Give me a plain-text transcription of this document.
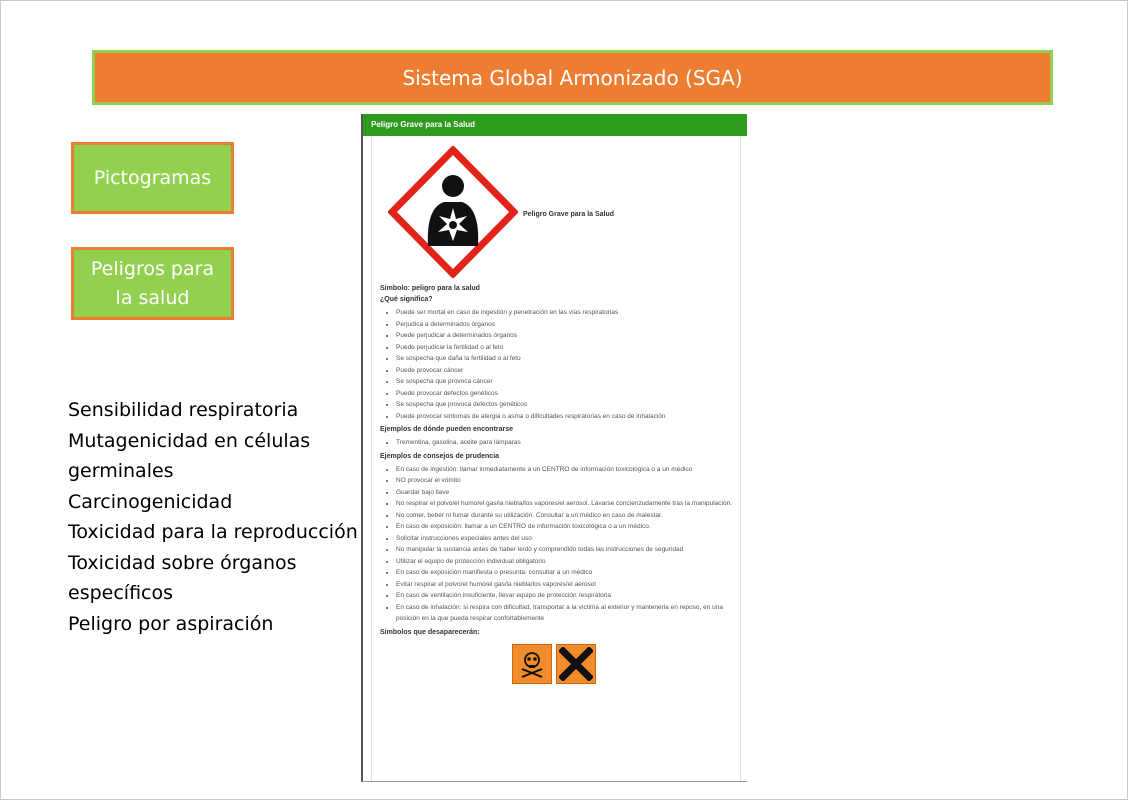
Sistema Global Armonizado (SGA)
Pictogramas
Peligros para
la salud
Sensibilidad respiratoria
Mutagenicidad en células germinales
Carcinogenicidad
Toxicidad para la reproducción
Toxicidad sobre órganos específicos
Peligro por aspiración
Peligro Grave para la Salud
Peligro Grave para la Salud
Símbolo: peligro para la salud
¿Qué significa?
• Puede ser mortal en caso de ingestión y penetración en las vías respiratorias
• Perjudica a determinados órganos
• Puede perjudicar a determinados órganos
• Puede perjudicar la fertilidad o al feto
• Se sospecha que daña la fertilidad o al feto
• Puede provocar cáncer
• Se sospecha que provoca cáncer
• Puede provocar defectos genéticos
• Se sospecha que provoca defectos genéticos
• Puede provocar síntomas de alergia o asma o dificultades respiratorias en caso de inhalación
Ejemplos de dónde pueden encontrarse
• Trementina, gasolina, aceite para lámparas
Ejemplos de consejos de prudencia
• En caso de ingestión: llamar inmediatamente a un CENTRO de información toxicológica o a un médico
• NO provocar el vómito
• Guardar bajo llave
• No respirar el polvo/el humo/el gas/la niebla/los vapores/el aerosol. Lavarse concienzudamente tras la manipulación.
• No comer, beber ni fumar durante su utilización. Consultar a un médico en caso de malestar.
• En caso de exposición: llamar a un CENTRO de información toxicológica o a un médico.
• Solicitar instrucciones especiales antes del uso
• No manipular la sustancia antes de haber leído y comprendido todas las instrucciones de seguridad
• Utilizar el equipo de protección individual obligatorio
• En caso de exposición manifiesta o presunta: consultar a un médico
• Evitar respirar el polvo/el humo/el gas/la niebla/los vapores/el aerosol
• En caso de ventilación insuficiente, llevar equipo de protección respiratoria
• En caso de inhalación: si respira con dificultad, transportar a la víctima al exterior y mantenerla en reposo, en una posición en la que pueda respirar confortablemente
Símbolos que desaparecerán:
